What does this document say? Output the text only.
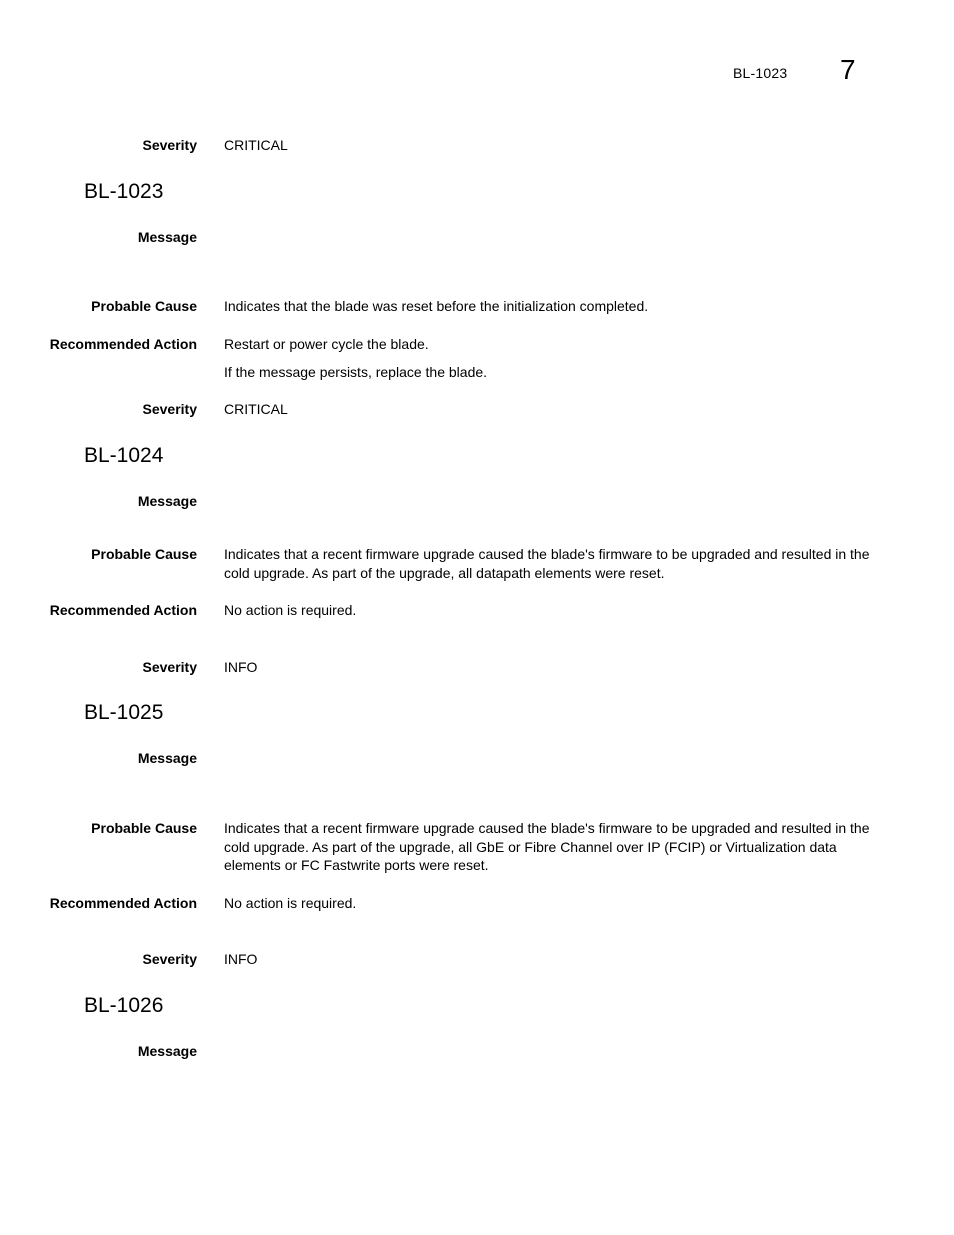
BL-1023 7
Severity CRITICAL
BL-1023
Message
Probable Cause Indicates that the blade was reset before the initialization completed.
Recommended Action Restart or power cycle the blade.
If the message persists, replace the blade.
Severity CRITICAL
BL-1024
Message
Probable Cause Indicates that a recent firmware upgrade caused the blade's firmware to be upgraded and resulted in the cold upgrade. As part of the upgrade, all datapath elements were reset.
Recommended Action No action is required.
Severity INFO
BL-1025
Message
Probable Cause Indicates that a recent firmware upgrade caused the blade's firmware to be upgraded and resulted in the cold upgrade. As part of the upgrade, all GbE or Fibre Channel over IP (FCIP) or Virtualization data elements or FC Fastwrite ports were reset.
Recommended Action No action is required.
Severity INFO
BL-1026
Message
